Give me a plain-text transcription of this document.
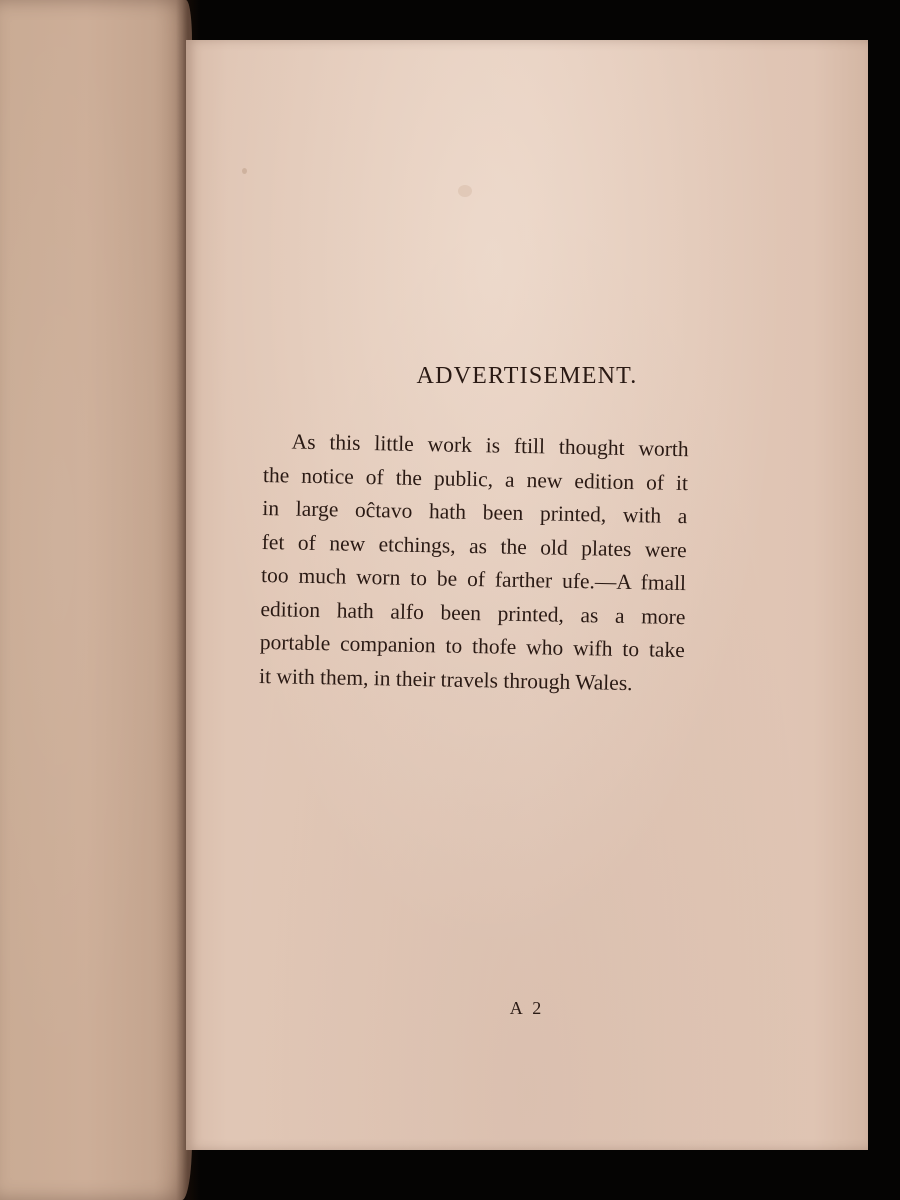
ADVERTISEMENT.
As this little work is ftill thought worth
the notice of the public, a new edition of it
in large oĉtavo hath been printed, with a
fet of new etchings, as the old plates were
too much worn to be of farther ufe.—A fmall
edition hath alfo been printed, as a more
portable companion to thofe who wifh to take
it with them, in their travels through Wales.
A 2
